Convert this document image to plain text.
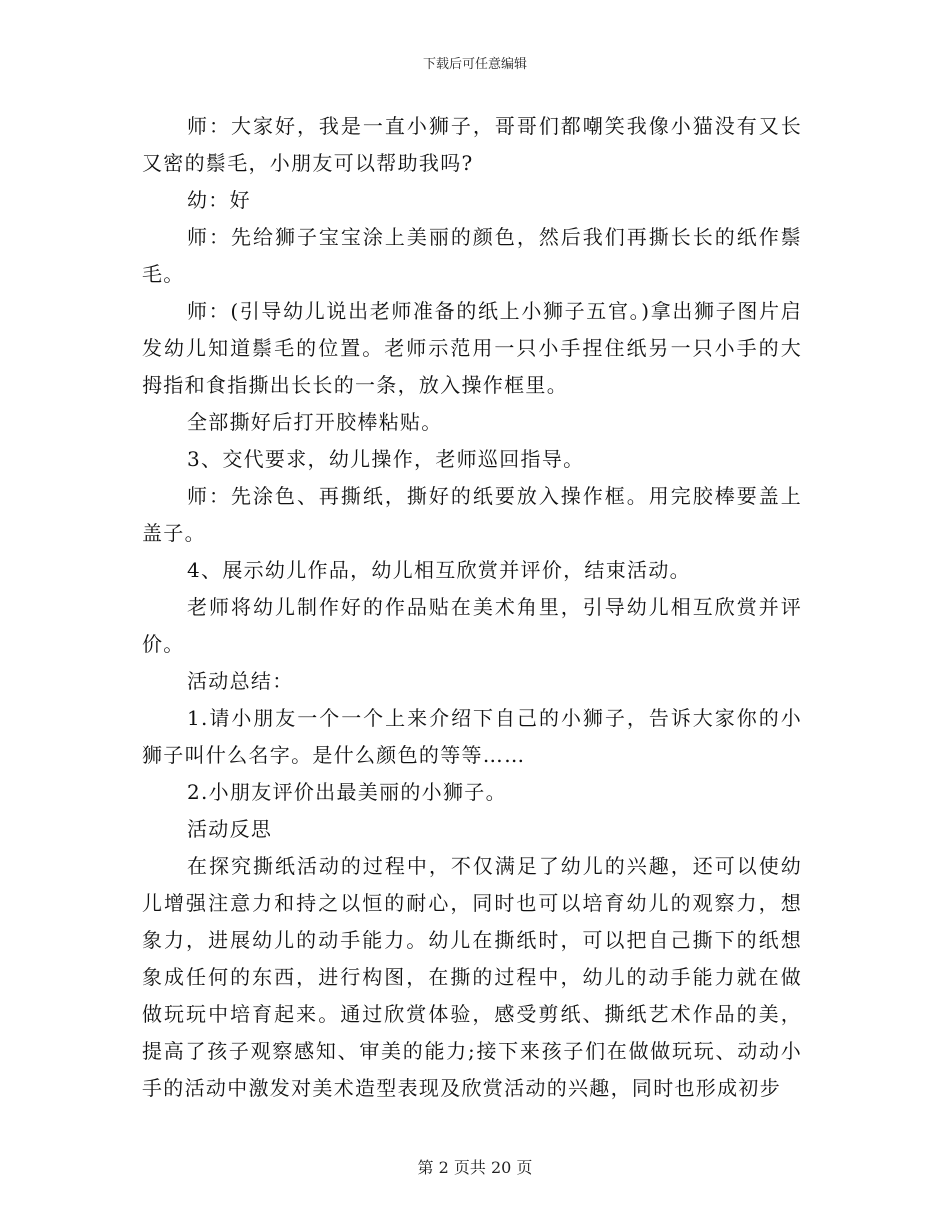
下载后可任意编辑

师：大家好，我是一直小狮子，哥哥们都嘲笑我像小猫没有又长又密的鬃毛，小朋友可以帮助我吗?

幼：好

师：先给狮子宝宝涂上美丽的颜色，然后我们再撕长长的纸作鬃毛。

师：(引导幼儿说出老师准备的纸上小狮子五官。)拿出狮子图片启发幼儿知道鬃毛的位置。老师示范用一只小手捏住纸另一只小手的大拇指和食指撕出长长的一条，放入操作框里。

全部撕好后打开胶棒粘贴。

3、交代要求，幼儿操作，老师巡回指导。

师：先涂色、再撕纸，撕好的纸要放入操作框。用完胶棒要盖上盖子。

4、展示幼儿作品，幼儿相互欣赏并评价，结束活动。

老师将幼儿制作好的作品贴在美术角里，引导幼儿相互欣赏并评价。

活动总结：

1.请小朋友一个一个上来介绍下自己的小狮子，告诉大家你的小狮子叫什么名字。是什么颜色的等等……

2.小朋友评价出最美丽的小狮子。

活动反思

在探究撕纸活动的过程中，不仅满足了幼儿的兴趣，还可以使幼儿增强注意力和持之以恒的耐心，同时也可以培育幼儿的观察力，想象力，进展幼儿的动手能力。幼儿在撕纸时，可以把自己撕下的纸想象成任何的东西，进行构图，在撕的过程中，幼儿的动手能力就在做做玩玩中培育起来。通过欣赏体验，感受剪纸、撕纸艺术作品的美，提高了孩子观察感知、审美的能力;接下来孩子们在做做玩玩、动动小手的活动中激发对美术造型表现及欣赏活动的兴趣，同时也形成初步

第 2 页共 20 页
